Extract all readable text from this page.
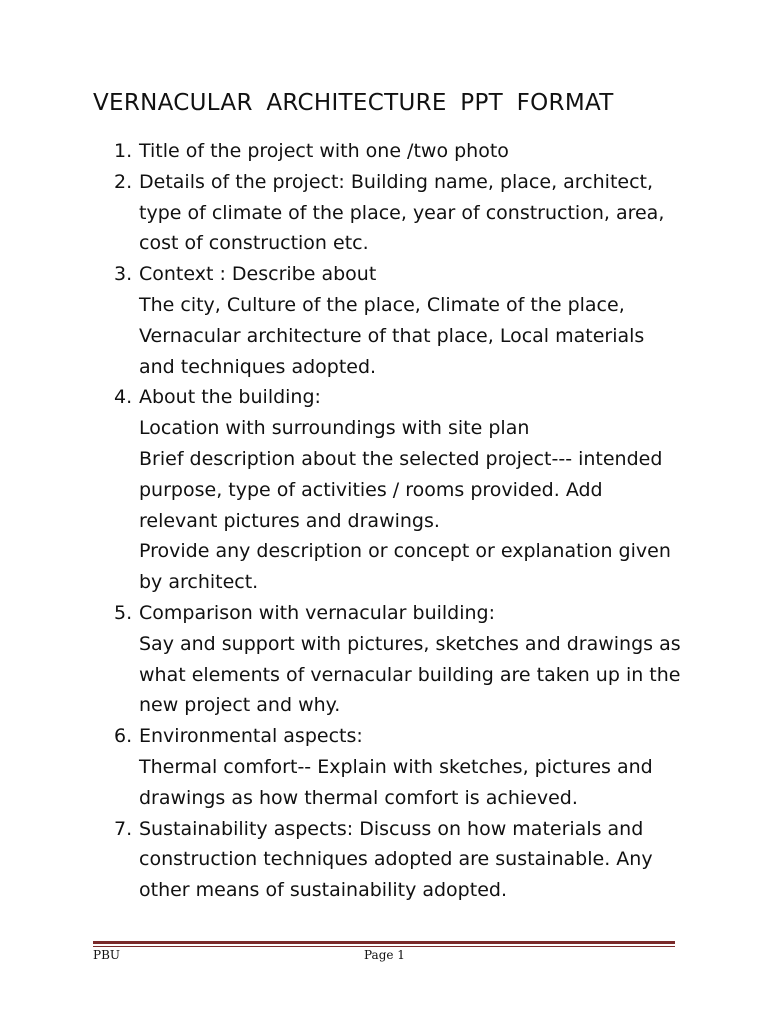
VERNACULAR ARCHITECTURE PPT FORMAT
1. Title of the project with one /two photo
2. Details of the project: Building name, place, architect,
type of climate of the place, year of construction, area,
cost of construction etc.
3. Context : Describe about
The city, Culture of the place, Climate of the place,
Vernacular architecture of that place, Local materials
and techniques adopted.
4. About the building:
Location with surroundings with site plan
Brief description about the selected project--- intended
purpose, type of activities / rooms provided. Add
relevant pictures and drawings.
Provide any description or concept or explanation given
by architect.
5. Comparison with vernacular building:
Say and support with pictures, sketches and drawings as
what elements of vernacular building are taken up in the
new project and why.
6. Environmental aspects:
Thermal comfort-- Explain with sketches, pictures and
drawings as how thermal comfort is achieved.
7. Sustainability aspects: Discuss on how materials and
construction techniques adopted are sustainable. Any
other means of sustainability adopted.
PBU	Page 1
